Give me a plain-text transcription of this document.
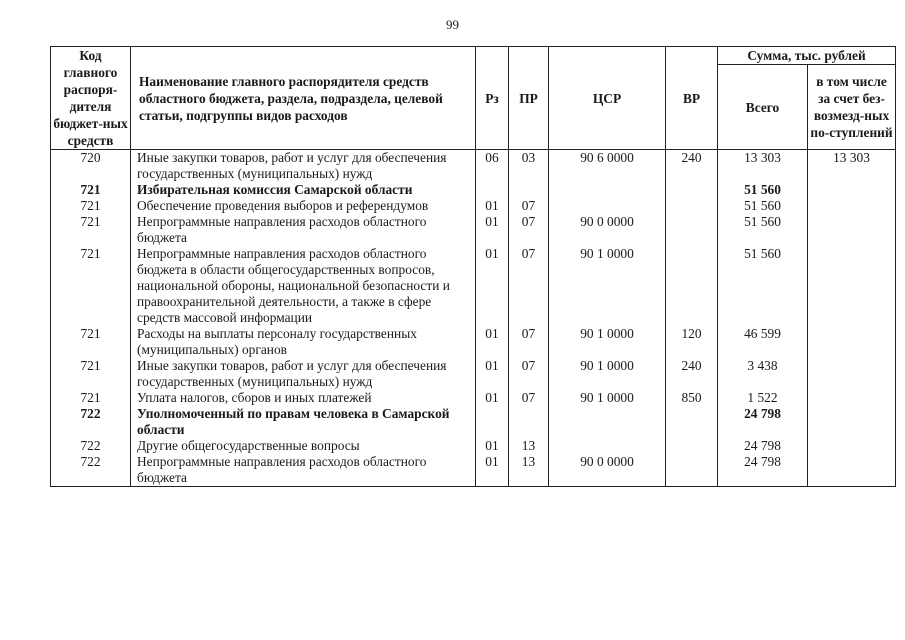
99
Код главного распоря-дителя бюджет-ных средств	Наименование главного распорядителя средств областного бюджета, раздела, подраздела, целевой статьи, подгруппы видов расходов	Рз	ПР	ЦСР	ВР	Сумма, тыс. рублей	
						Всего	в том числе за счет без-возмезд-ных по-ступлений
720	Иные закупки товаров, работ и услуг для обеспечения государственных (муниципальных) нужд	06	03	90 6 0000	240	13 303	13 303
721	Избирательная комиссия Самарской области					51 560	
721	Обеспечение проведения выборов и референдумов	01	07			51 560	
721	Непрограммные направления расходов областного бюджета	01	07	90 0 0000		51 560	
721	Непрограммные направления расходов областного бюджета в области общегосударственных вопросов, национальной обороны, национальной безопасности и правоохранительной деятельности, а также в сфере средств массовой информации	01	07	90 1 0000		51 560	
721	Расходы на выплаты персоналу государственных (муниципальных) органов	01	07	90 1 0000	120	46 599	
721	Иные закупки товаров, работ и услуг для обеспечения государственных (муниципальных) нужд	01	07	90 1 0000	240	3 438	
721	Уплата налогов, сборов и иных платежей	01	07	90 1 0000	850	1 522	
722	Уполномоченный по правам человека в Самарской области					24 798	
722	Другие общегосударственные вопросы	01	13			24 798	
722	Непрограммные направления расходов областного бюджета	01	13	90 0 0000		24 798	
